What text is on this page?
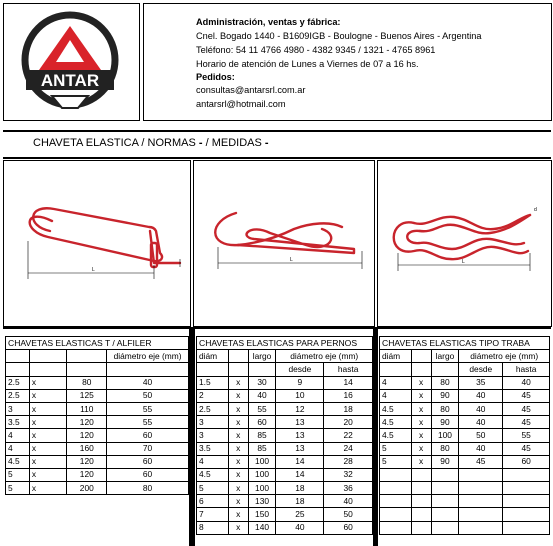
ANTAR
Administración, ventas y fábrica:
Cnel. Bogado 1440 - B1609IGB - Boulogne - Buenos Aires - Argentina
Teléfono: 54 11 4766 4980 - 4382 9345 / 1321 - 4765 8961
Horario de atención de Lunes a Viernes de 07 a 16 hs.
Pedidos:
consultas@antarsrl.com.ar
antarsrl@hotmail.com
CHAVETA ELASTICA / NORMAS - / MEDIDAS -
L
L	L
d
CHAVETAS ELASTICAS T / ALFILER			
			diámetro eje (mm)

2.5	x	80	40
2.5	x	125	50
3	x	110	55
3.5	x	120	55
4	x	120	60
4	x	160	70
4.5	x	120	60
5	x	120	60
5	x	200	80
CHAVETAS ELASTICAS PARA PERNOS				
diám		largo	diámetro eje (mm)	
			desde	hasta
1.5	x	30	9	14
2	x	40	10	16
2.5	x	55	12	18
3	x	60	13	20
3	x	85	13	22
3.5	x	85	13	24
4	x	100	14	28
4.5	x	100	14	32
5	x	100	18	36
6	x	130	18	40
7	x	150	25	50
8	x	140	40	60
CHAVETAS ELASTICAS TIPO TRABA				
diám		largo	diámetro eje (mm)	
			desde	hasta
4	x	80	35	40
4	x	90	40	45
4.5	x	80	40	45
4.5	x	90	40	45
4.5	x	100	50	55
5	x	80	40	45
5	x	90	45	60
